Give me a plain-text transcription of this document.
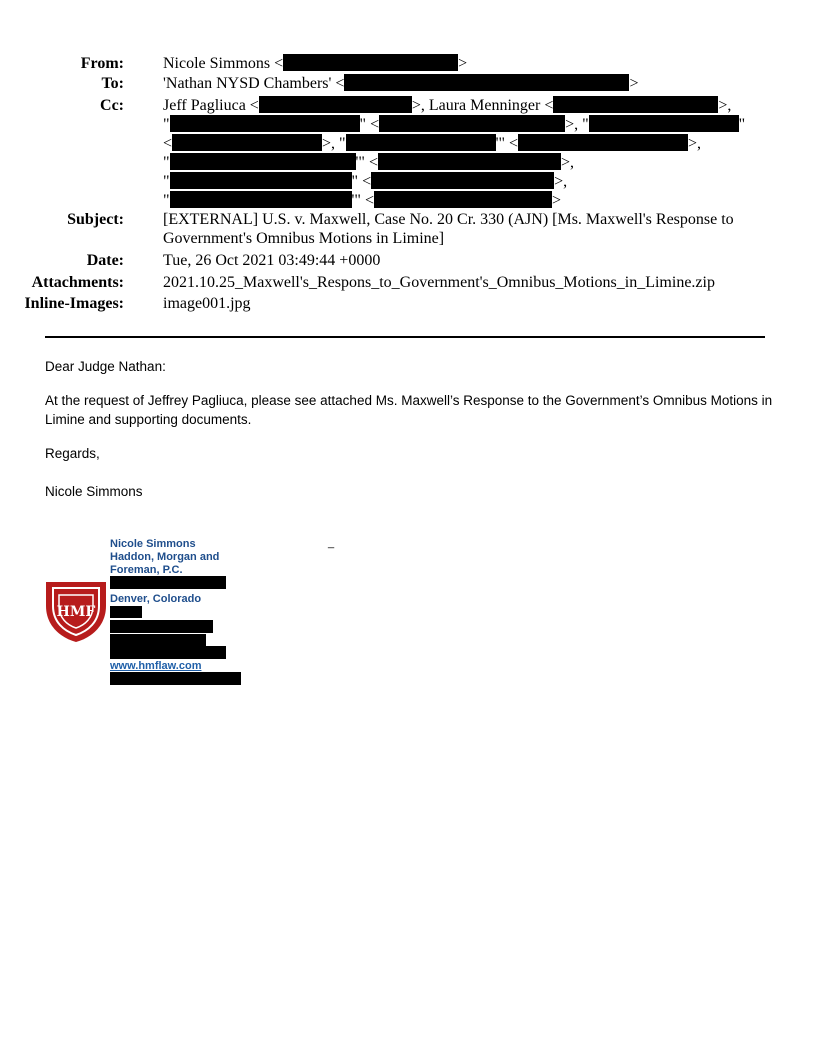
From: Nicole Simmons <	>
To: 'Nathan NYSD Chambers' <	>
Cc: Jeff Pagliuca <	>, Laura Menninger <	>,
"	" <	>, "	"
<	>, "	'" <	>,
"	'" <	>,
"	" <	>,
"	'" <	>
Subject: [EXTERNAL] U.S. v. Maxwell, Case No. 20 Cr. 330 (AJN) [Ms. Maxwell's Response to
Government's Omnibus Motions in Limine]
Date: Tue, 26 Oct 2021 03:49:44 +0000
Attachments: 2021.10.25_Maxwell's_Respons_to_Government's_Omnibus_Motions_in_Limine.zip
Inline-Images: image001.jpg
Dear Judge Nathan:
At the request of Jeffrey Pagliuca, please see attached Ms. Maxwell’s Response to the Government’s Omnibus Motions in Limine and supporting documents.
Regards,
Nicole Simmons
HMF
Nicole Simmons
Haddon, Morgan and
Foreman, P.C.
Denver, Colorado
www.hmflaw.com
_
